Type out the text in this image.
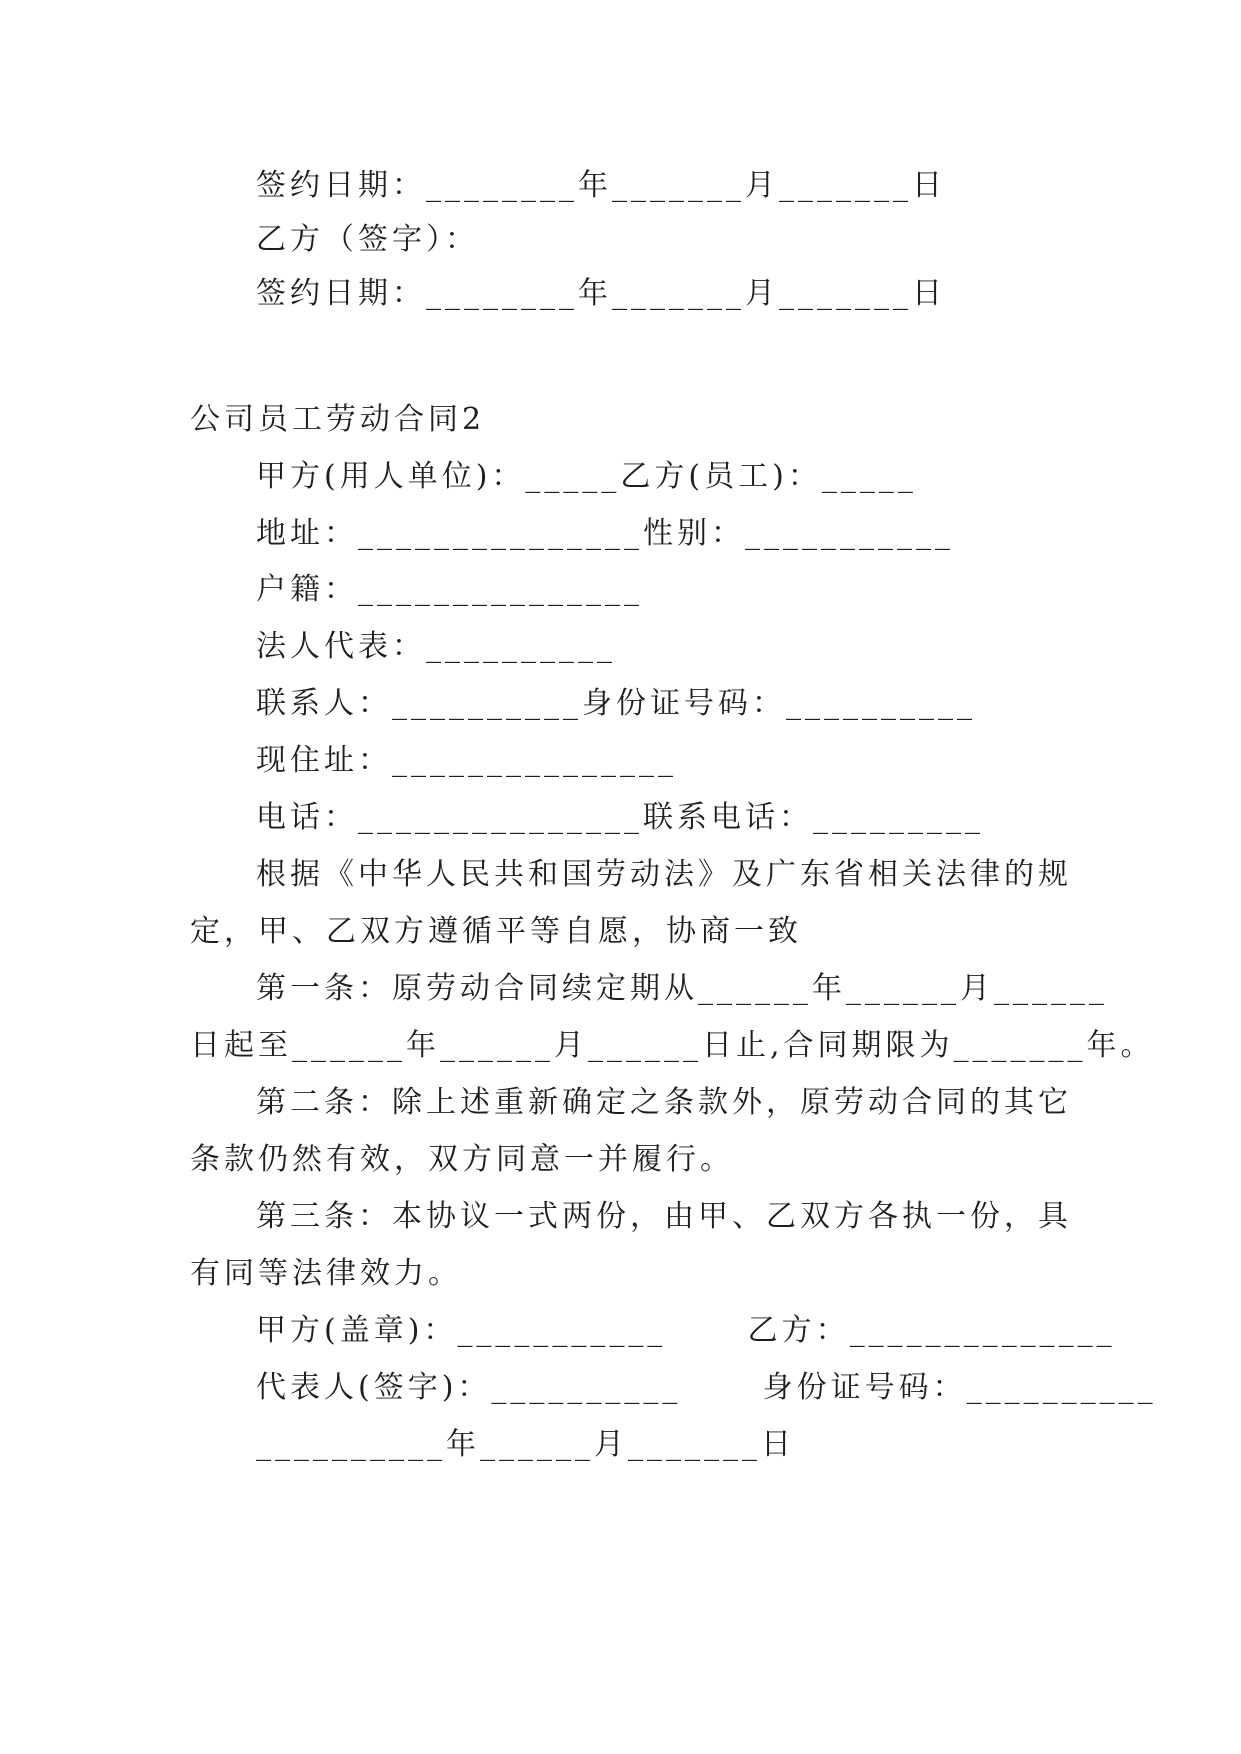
签约日期：________年_______月_______日
乙方（签字）：
签约日期：________年_______月_______日
公司员工劳动合同2
甲方(用人单位)：_____乙方(员工)：_____
地址：_______________性别：___________
户籍：_______________
法人代表：__________
联系人：__________身份证号码：__________
现住址：_______________
电话：_______________联系电话：_________
根据《中华人民共和国劳动法》及广东省相关法律的规
定，甲、乙双方遵循平等自愿，协商一致
第一条：原劳动合同续定期从______年______月______
日起至______年______月______日止,合同期限为_______年。
第二条：除上述重新确定之条款外，原劳动合同的其它
条款仍然有效，双方同意一并履行。
第三条：本协议一式两份，由甲、乙双方各执一份，具
有同等法律效力。
甲方(盖章)：___________      乙方：______________
代表人(签字)：__________      身份证号码：__________
__________年______月_______日
